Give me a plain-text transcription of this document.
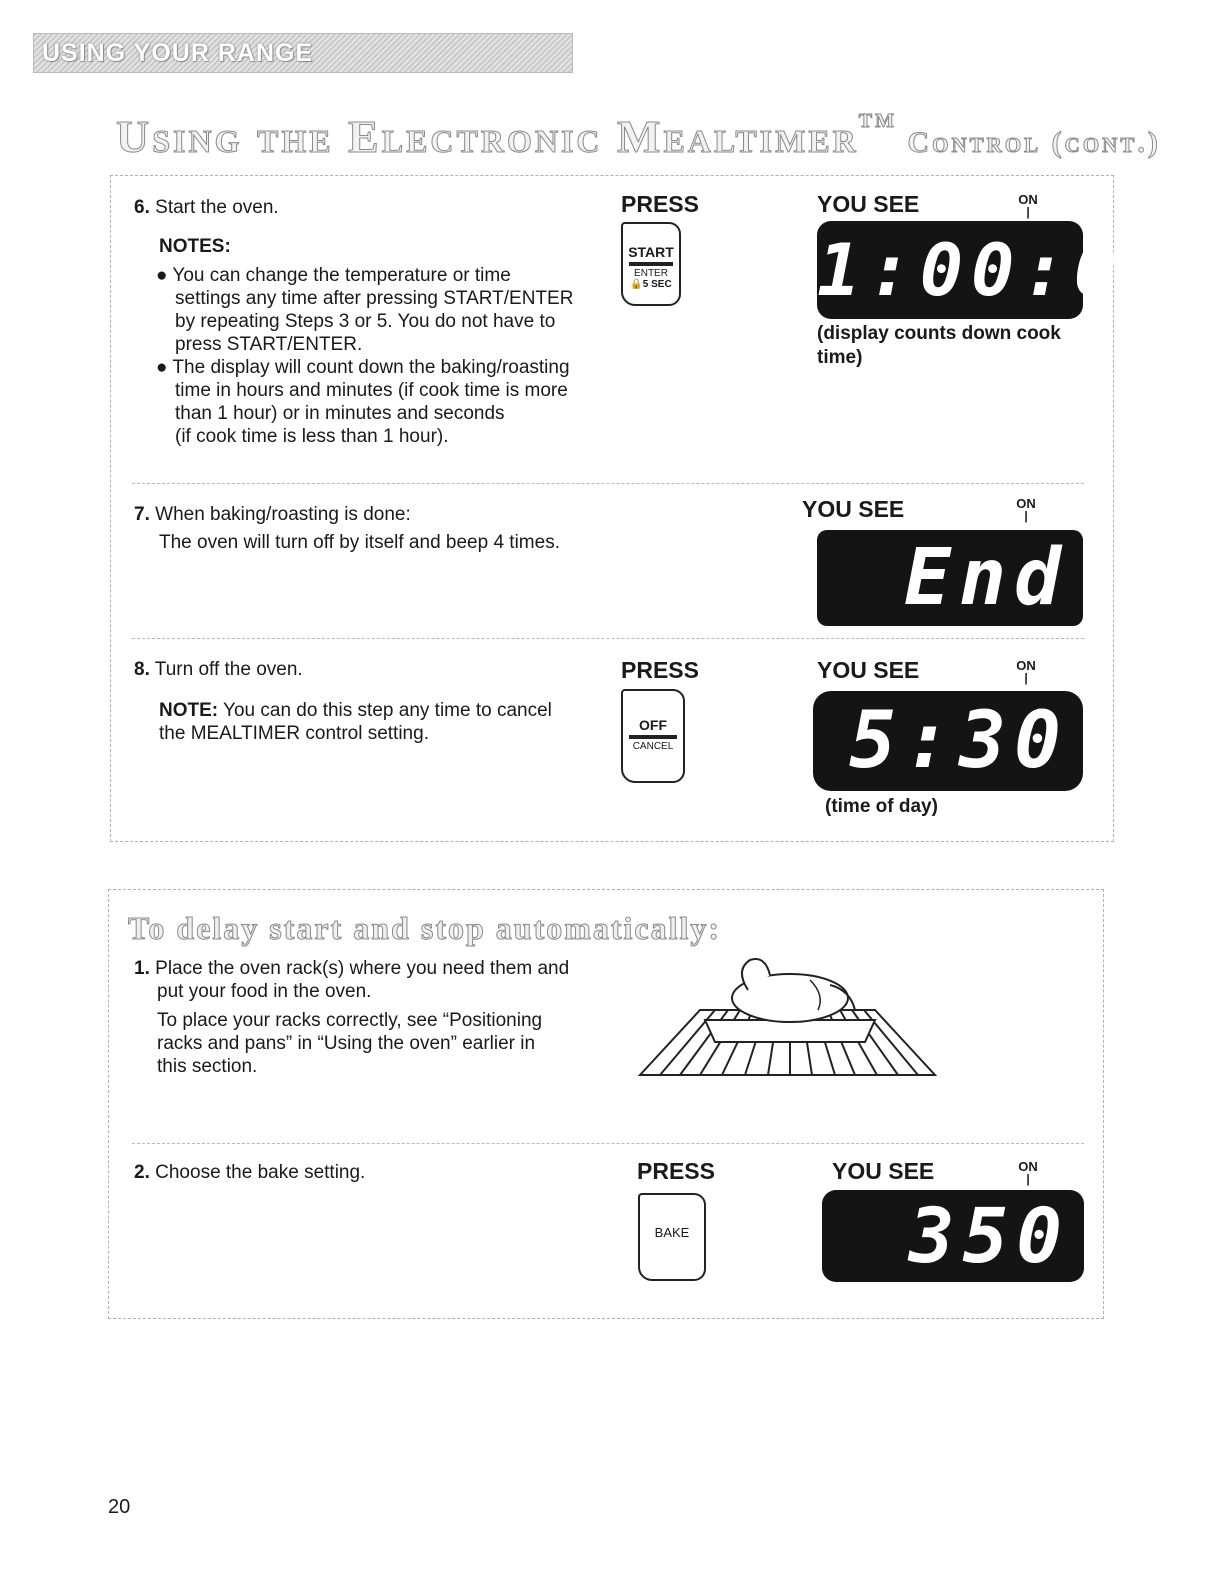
USING YOUR RANGE
Using the Electronic Mealtimer™ Control (cont.)
6. Start the oven.
NOTES:
● You can change the temperature or time
settings any time after pressing START/ENTER
by repeating Steps 3 or 5. You do not have to
press START/ENTER.
● The display will count down the baking/roasting
time in hours and minutes (if cook time is more
than 1 hour) or in minutes and seconds
(if cook time is less than 1 hour).
PRESS
START
ENTER
🔒5 SEC
YOU SEE	ON
|
1:00:00
(display counts down cook
time)
7. When baking/roasting is done:
The oven will turn off by itself and beep 4 times.
YOU SEE	ON
|
End
8. Turn off the oven.
NOTE: You can do this step any time to cancel
the MEALTIMER control setting.
PRESS
OFF
CANCEL
YOU SEE	ON
|
5:30
(time of day)
To delay start and stop automatically:
1. Place the oven rack(s) where you need them and
put your food in the oven.
To place your racks correctly, see “Positioning
racks and pans” in “Using the oven” earlier in
this section.
2. Choose the bake setting.	PRESS
BAKE
YOU SEE	ON
|
350
20
